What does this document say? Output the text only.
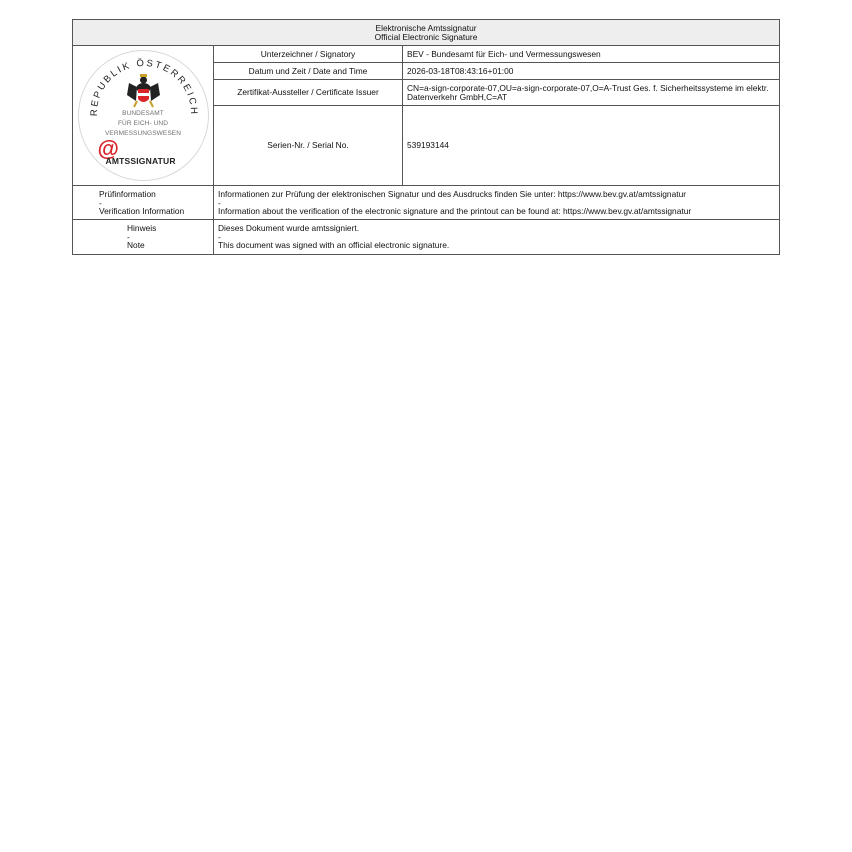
Elektronische Amtssignatur
Official Electronic Signature		

REPUBLIK ÖSTERREICH
BUNDESAMT
FÜR EICH- UND
VERMESSUNGSWESEN
@
AMTSSIGNATUR
	Unterzeichner / Signatory	BEV - Bundesamt für Eich- und Vermessungswesen
	Datum und Zeit / Date and Time	2026-03-18T08:43:16+01:00
	Zertifikat-Aussteller / Certificate Issuer	CN=a-sign-corporate-07,OU=a-sign-corporate-07,O=A-Trust Ges. f. Sicherheitssysteme im elektr. Datenverkehr GmbH,C=AT
	Serien-Nr. / Serial No.	539193144

Prüfinformation
-
Verification Information

Informationen zur Prüfung der elektronischen Signatur und des Ausdrucks finden Sie unter: https://www.bev.gv.at/amtssignatur
-
Information about the verification of the electronic signature and the printout can be found at: https://www.bev.gv.at/amtssignatur

Hinweis
-
Note	Dieses Dokument wurde amtssigniert.
-
This document was signed with an official electronic signature.	
